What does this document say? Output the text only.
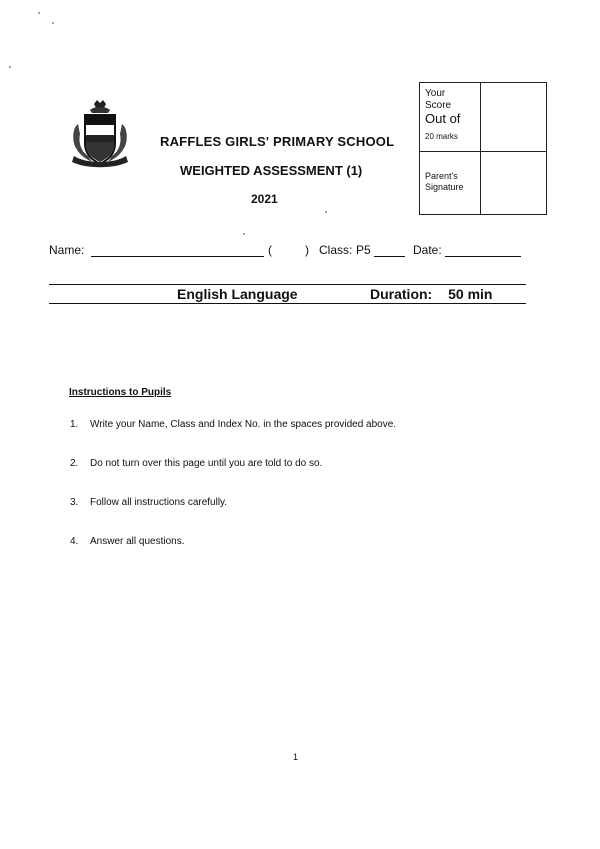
RAFFLES GIRLS' PRIMARY SCHOOL
WEIGHTED ASSESSMENT (1)
2021
Your
Score
Out of
20 marks
Parent's
Signature
Name:	(	) Class: P5	Date:
English Language	Duration: 50 min
Instructions to Pupils
1. Write your Name, Class and Index No. in the spaces provided above.
2. Do not turn over this page until you are told to do so.
3. Follow all instructions carefully.
4. Answer all questions.
1
